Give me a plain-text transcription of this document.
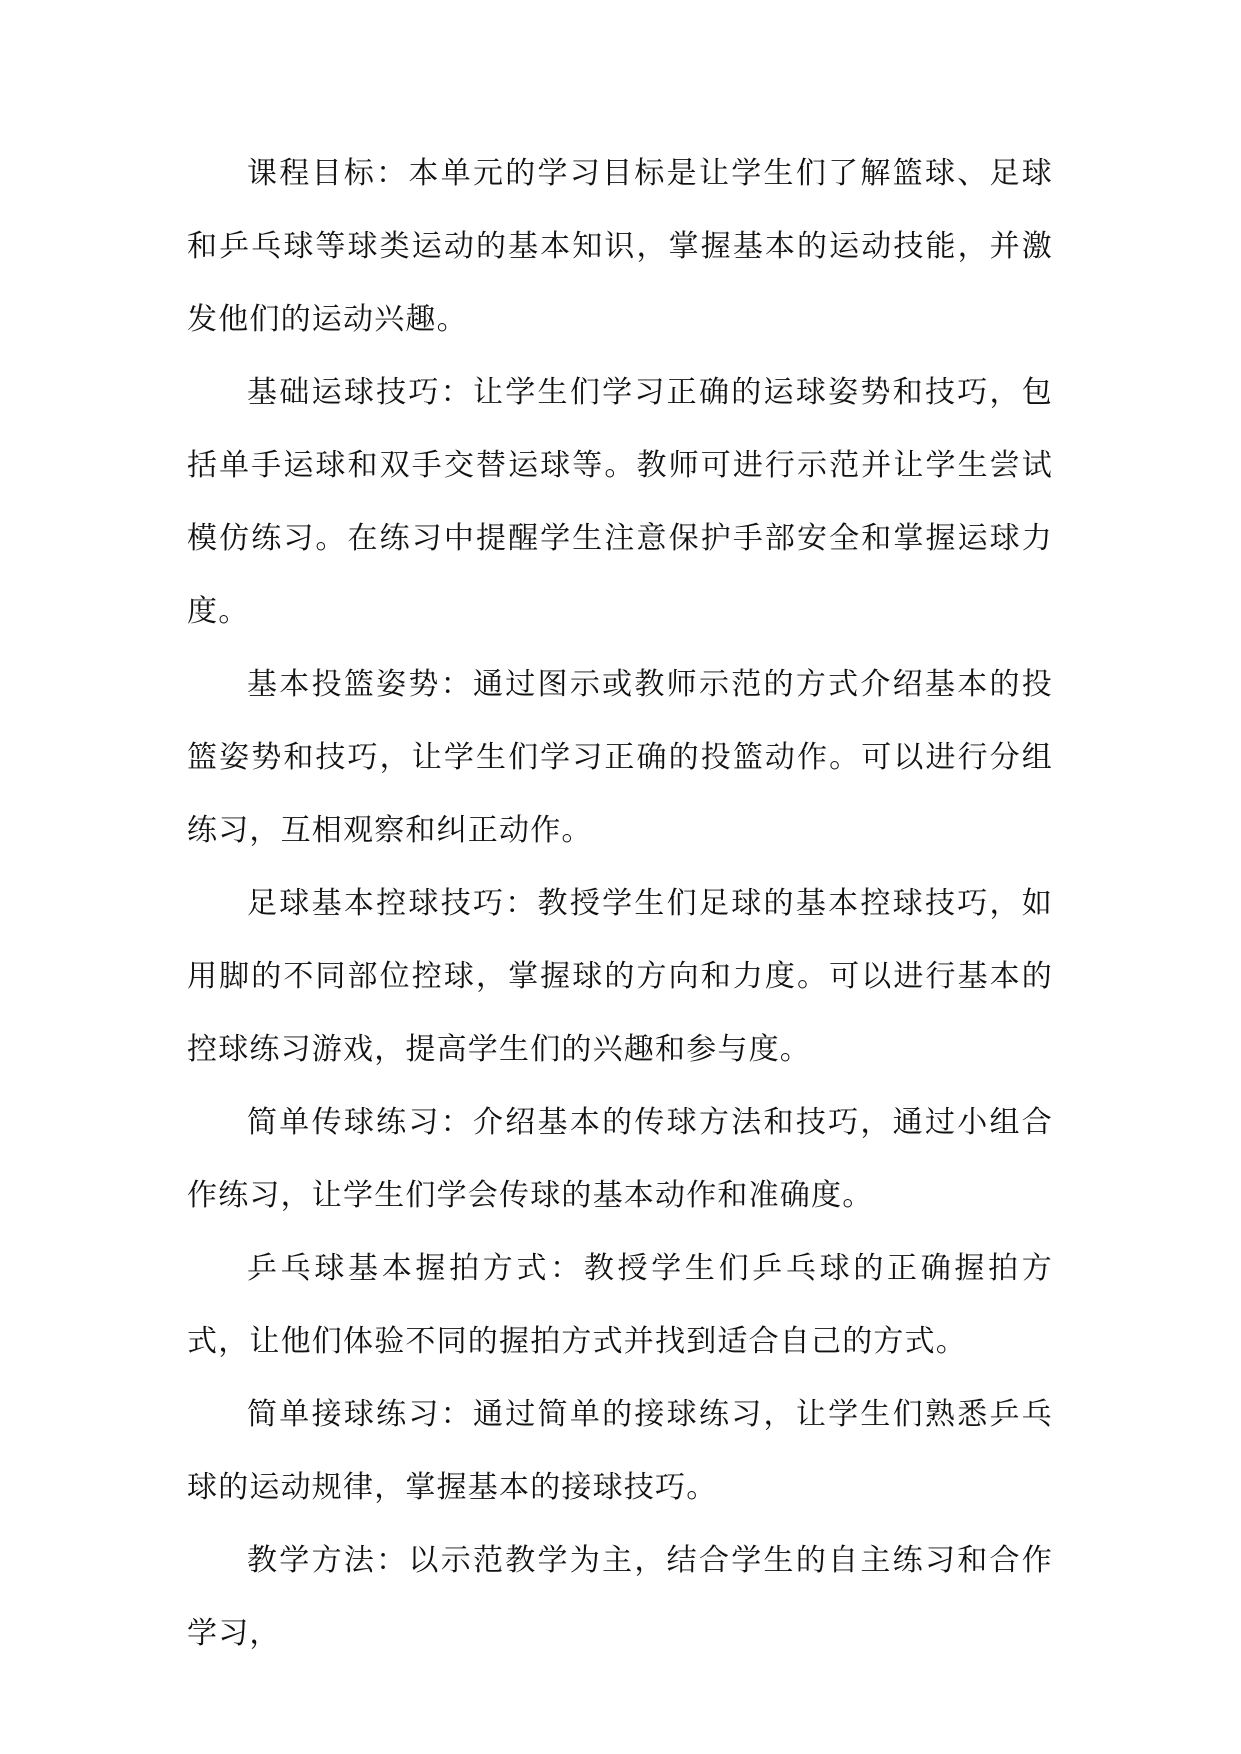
课程目标：本单元的学习目标是让学生们了解篮球、足球和乒乓球等球类运动的基本知识，掌握基本的运动技能，并激发他们的运动兴趣。

基础运球技巧：让学生们学习正确的运球姿势和技巧，包括单手运球和双手交替运球等。教师可进行示范并让学生尝试模仿练习。在练习中提醒学生注意保护手部安全和掌握运球力度。

基本投篮姿势：通过图示或教师示范的方式介绍基本的投篮姿势和技巧，让学生们学习正确的投篮动作。可以进行分组练习，互相观察和纠正动作。

足球基本控球技巧：教授学生们足球的基本控球技巧，如用脚的不同部位控球，掌握球的方向和力度。可以进行基本的控球练习游戏，提高学生们的兴趣和参与度。

简单传球练习：介绍基本的传球方法和技巧，通过小组合作练习，让学生们学会传球的基本动作和准确度。

乒乓球基本握拍方式：教授学生们乒乓球的正确握拍方式，让他们体验不同的握拍方式并找到适合自己的方式。

简单接球练习：通过简单的接球练习，让学生们熟悉乒乓球的运动规律，掌握基本的接球技巧。

教学方法：以示范教学为主，结合学生的自主练习和合作学习，
